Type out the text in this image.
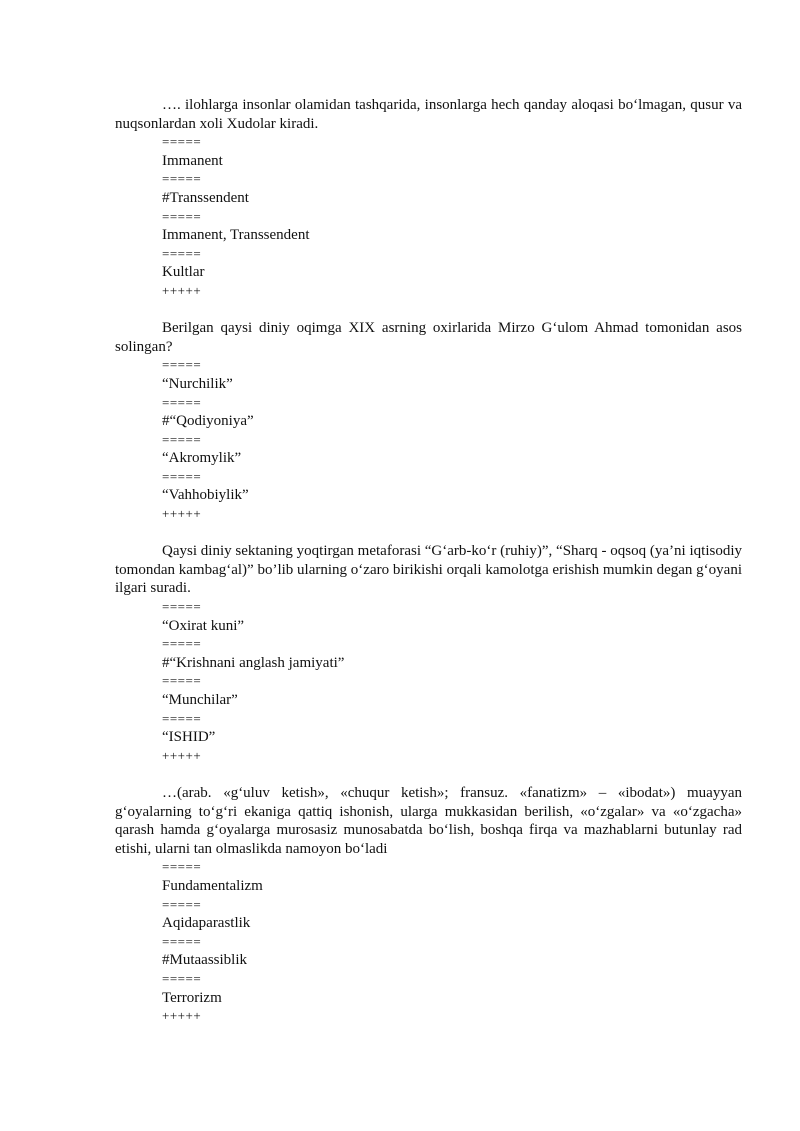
…. ilohlarga insonlar olamidan tashqarida, insonlarga hech qanday aloqasi bo‘lmagan, qusur va nuqsonlardan xoli Xudolar kiradi.

=====
Immanent
=====
#Transsendent
=====
Immanent, Transsendent
=====
Kultlar
+++++

Berilgan qaysi diniy oqimga XIX asrning oxirlarida Mirzo G‘ulom Ahmad tomonidan asos solingan?

=====
“Nurchilik”
=====
#“Qodiyoniya”
=====
“Akromylik”
=====
“Vahhobiylik”
+++++

Qaysi diniy sektaning yoqtirgan metaforasi “G‘arb-ko‘r (ruhiy)”, “Sharq - oqsoq (ya’ni iqtisodiy tomondan kambag‘al)” bo’lib ularning o‘zaro birikishi orqali kamolotga erishish mumkin degan g‘oyani ilgari suradi.

=====
“Oxirat kuni”
=====
#“Krishnani anglash jamiyati”
=====
“Munchilar”
=====
“ISHID”
+++++

…(arab. «g‘uluv ketish», «chuqur ketish»; fransuz. «fanatizm» – «ibodat») muayyan g‘oyalarning to‘g‘ri ekaniga qattiq ishonish, ularga mukkasidan berilish, «o‘zgalar» va «o‘zgacha» qarash hamda g‘oyalarga murosasiz munosabatda bo‘lish, boshqa firqa va mazhablarni butunlay rad etishi, ularni tan olmaslikda namoyon bo‘ladi

=====
Fundamentalizm
=====
Aqidaparastlik
=====
#Mutaassiblik
=====
Terrorizm
+++++
